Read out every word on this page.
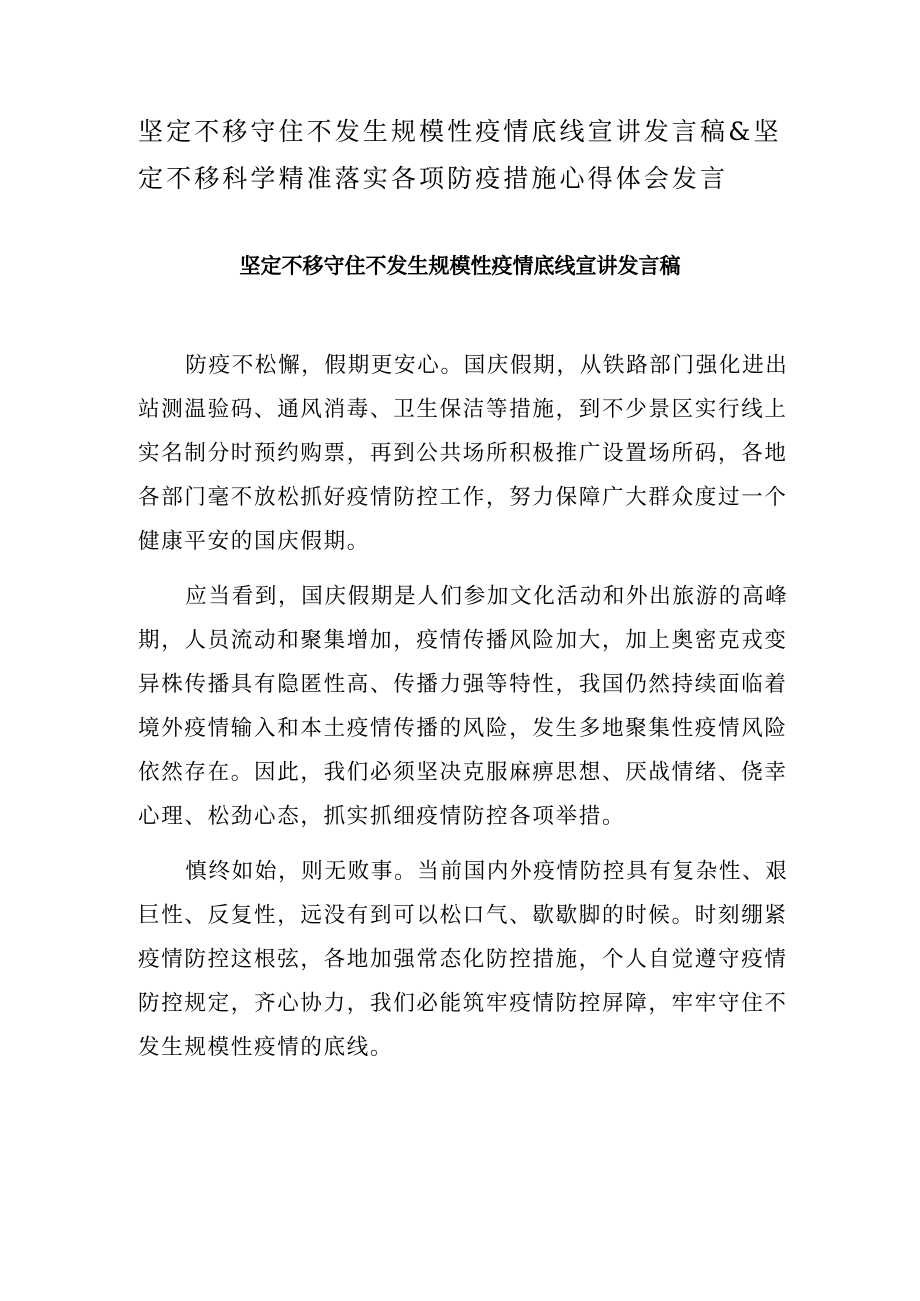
坚定不移守住不发生规模性疫情底线宣讲发言稿&坚定不移科学精准落实各项防疫措施心得体会发言
坚定不移守住不发生规模性疫情底线宣讲发言稿

防疫不松懈，假期更安心。国庆假期，从铁路部门强化进出站测温验码、通风消毒、卫生保洁等措施，到不少景区实行线上实名制分时预约购票，再到公共场所积极推广设置场所码，各地各部门毫不放松抓好疫情防控工作，努力保障广大群众度过一个健康平安的国庆假期。

应当看到，国庆假期是人们参加文化活动和外出旅游的高峰期，人员流动和聚集增加，疫情传播风险加大，加上奥密克戎变异株传播具有隐匿性高、传播力强等特性，我国仍然持续面临着境外疫情输入和本土疫情传播的风险，发生多地聚集性疫情风险依然存在。因此，我们必须坚决克服麻痹思想、厌战情绪、侥幸心理、松劲心态，抓实抓细疫情防控各项举措。

慎终如始，则无败事。当前国内外疫情防控具有复杂性、艰巨性、反复性，远没有到可以松口气、歇歇脚的时候。时刻绷紧疫情防控这根弦，各地加强常态化防控措施，个人自觉遵守疫情防控规定，齐心协力，我们必能筑牢疫情防控屏障，牢牢守住不发生规模性疫情的底线。
